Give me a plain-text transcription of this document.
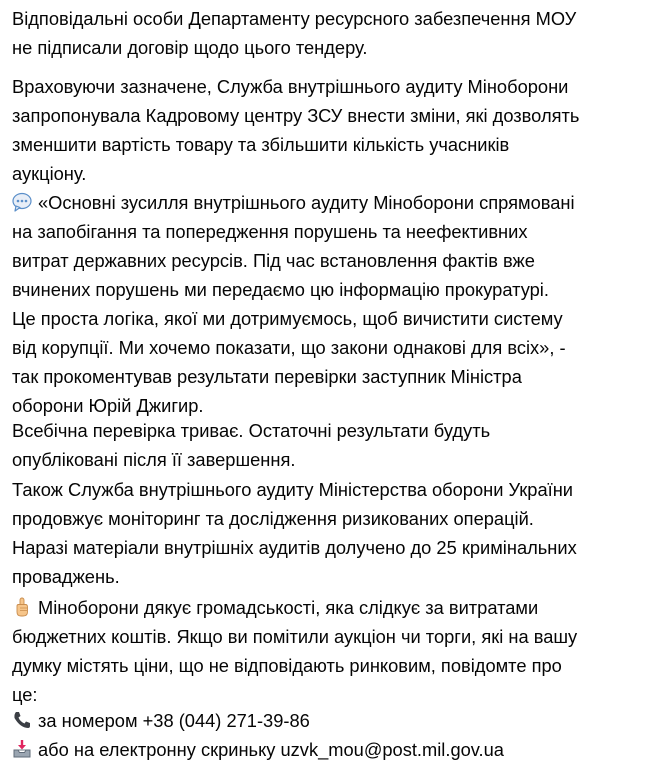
Відповідальні особи Департаменту ресурсного забезпечення МОУ
не підписали договір щодо цього тендеру.

Враховуючи зазначене, Служба внутрішнього аудиту Міноборони
запропонувала Кадровому центру ЗСУ внести зміни, які дозволять
зменшити вартість товару та збільшити кількість учасників
аукціону.

«Основні зусилля внутрішнього аудиту Міноборони спрямовані
на запобігання та попередження порушень та неефективних
витрат державних ресурсів. Під час встановлення фактів вже
вчинених порушень ми передаємо цю інформацію прокуратурі.
Це проста логіка, якої ми дотримуємось, щоб вичистити систему
від корупції. Ми хочемо показати, що закони однакові для всіх», -
так прокоментував результати перевірки заступник Міністра
оборони Юрій Джигир.

Всебічна перевірка триває. Остаточні результати будуть
опубліковані після її завершення.

Також Служба внутрішнього аудиту Міністерства оборони України
продовжує моніторинг та дослідження ризикованих операцій.
Наразі матеріали внутрішніх аудитів долучено до 25 кримінальних
проваджень.

Міноборони дякує громадськості, яка слідкує за витратами
бюджетних коштів. Якщо ви помітили аукціон чи торги, які на вашу
думку містять ціни, що не відповідають ринковим, повідомте про
це:

за номером +38 (044) 271-39-86
або на електронну скриньку uzvk_mou@post.mil.gov.ua
